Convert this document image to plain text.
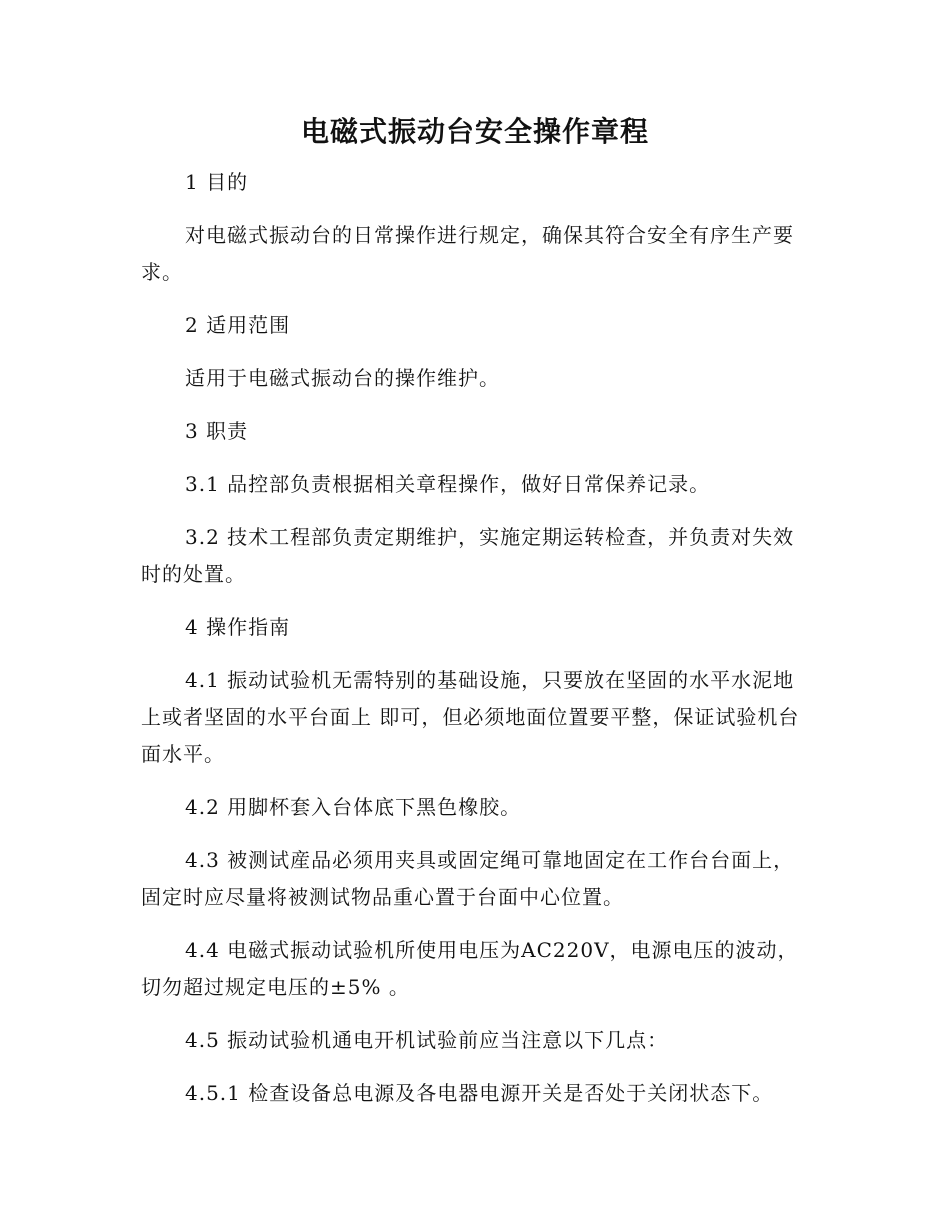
电磁式振动台安全操作章程

1 目的

对电磁式振动台的日常操作进行规定，确保其符合安全有序生产要求。

2 适用范围

适用于电磁式振动台的操作维护。

3 职责

3.1 品控部负责根据相关章程操作，做好日常保养记录。

3.2 技术工程部负责定期维护，实施定期运转检查，并负责对失效时的处置。

4 操作指南

4.1 振动试验机无需特别的基础设施，只要放在坚固的水平水泥地上或者坚固的水平台面上 即可，但必须地面位置要平整，保证试验机台面水平。

4.2 用脚杯套入台体底下黑色橡胶。

4.3 被测试産品必须用夹具或固定绳可靠地固定在工作台台面上，固定时应尽量将被测试物品重心置于台面中心位置。

4.4 电磁式振动试验机所使用电压为AC220V，电源电压的波动，切勿超过规定电压的±5% 。

4.5 振动试验机通电开机试验前应当注意以下几点：

4.5.1 检查设备总电源及各电器电源开关是否处于关闭状态下。
